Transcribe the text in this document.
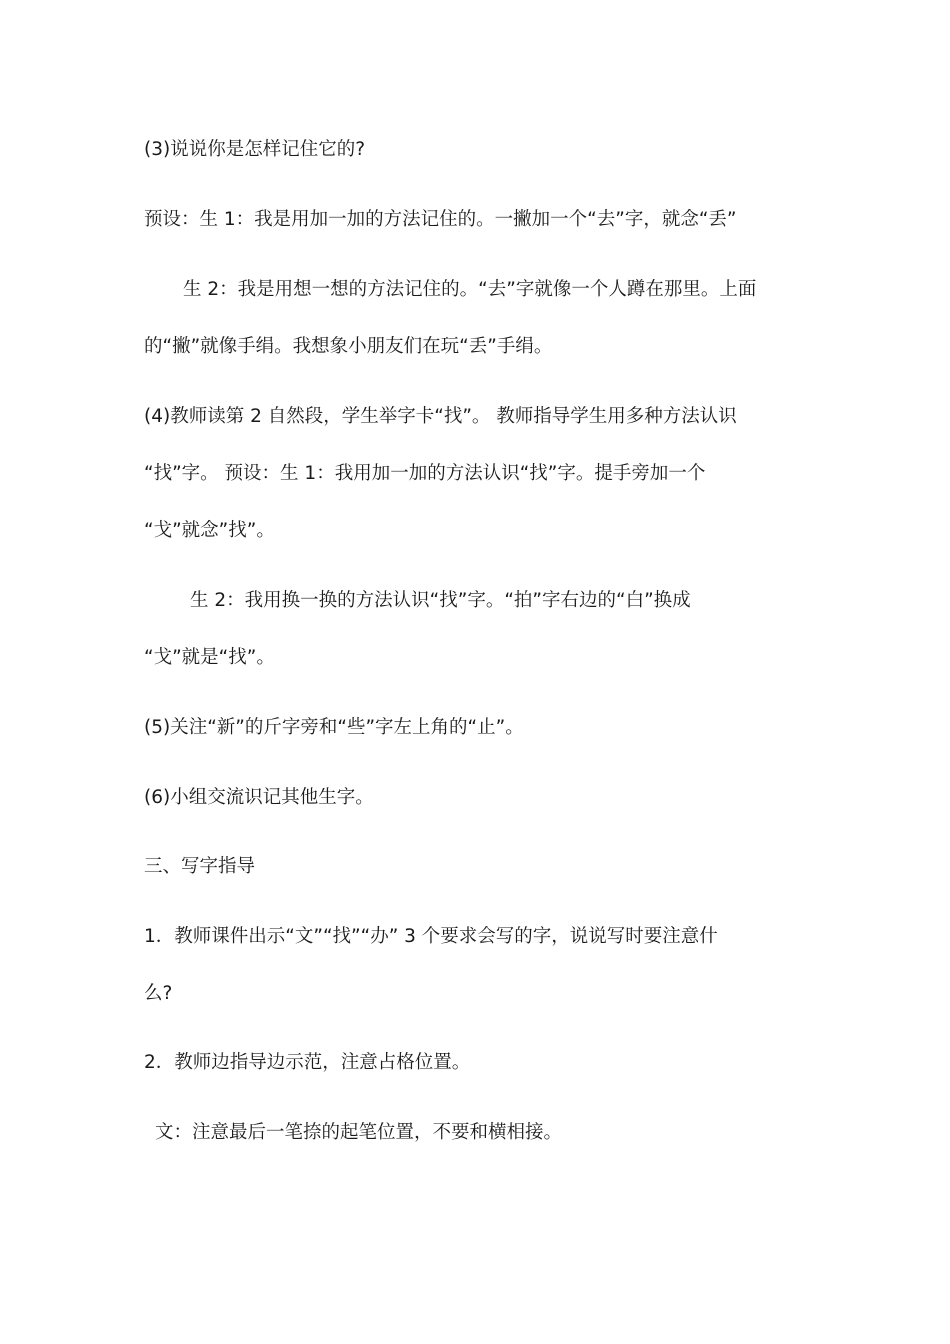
(3)说说你是怎样记住它的?
预设：生 1：我是用加一加的方法记住的。一撇加一个“去”字，就念“丢”
生 2：我是用想一想的方法记住的。“去”字就像一个人蹲在那里。上面
的“撇”就像手绢。我想象小朋友们在玩“丢”手绢。
(4)教师读第 2 自然段，学生举字卡“找”。 教师指导学生用多种方法认识
“找”字。 预设：生 1：我用加一加的方法认识“找”字。提手旁加一个
“戈”就念”找”。
生 2：我用换一换的方法认识“找”字。“拍”字右边的“白”换成
“戈”就是“找”。
(5)关注“新”的斤字旁和“些”字左上角的“止”。
(6)小组交流识记其他生字。
三、写字指导
1．教师课件出示“文”“找”“办” 3 个要求会写的字，说说写时要注意什
么?
2．教师边指导边示范，注意占格位置。
文：注意最后一笔捺的起笔位置，不要和横相接。
